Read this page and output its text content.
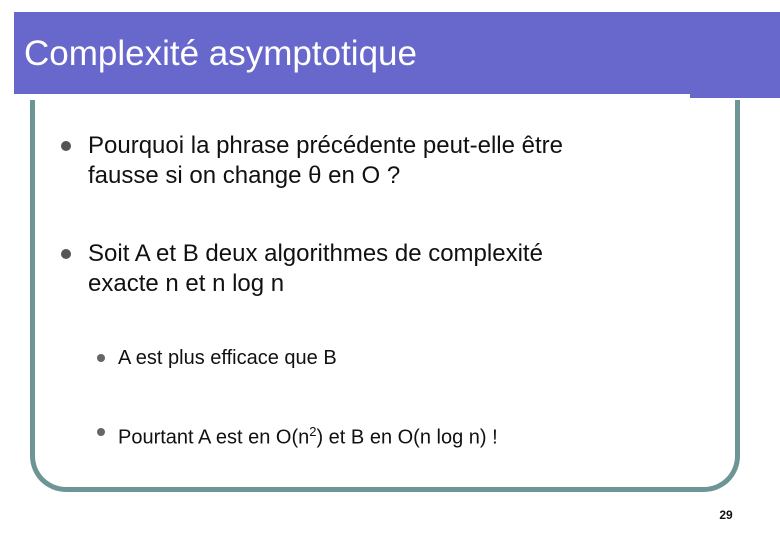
Complexité asymptotique
Pourquoi la phrase précédente peut-elle être
fausse si on change θ en O ?
Soit A et B deux algorithmes de complexité
exacte n et n log n
A est plus efficace que B
Pourtant A est en $O(n^2)$ et B en O(n log n) !
29
